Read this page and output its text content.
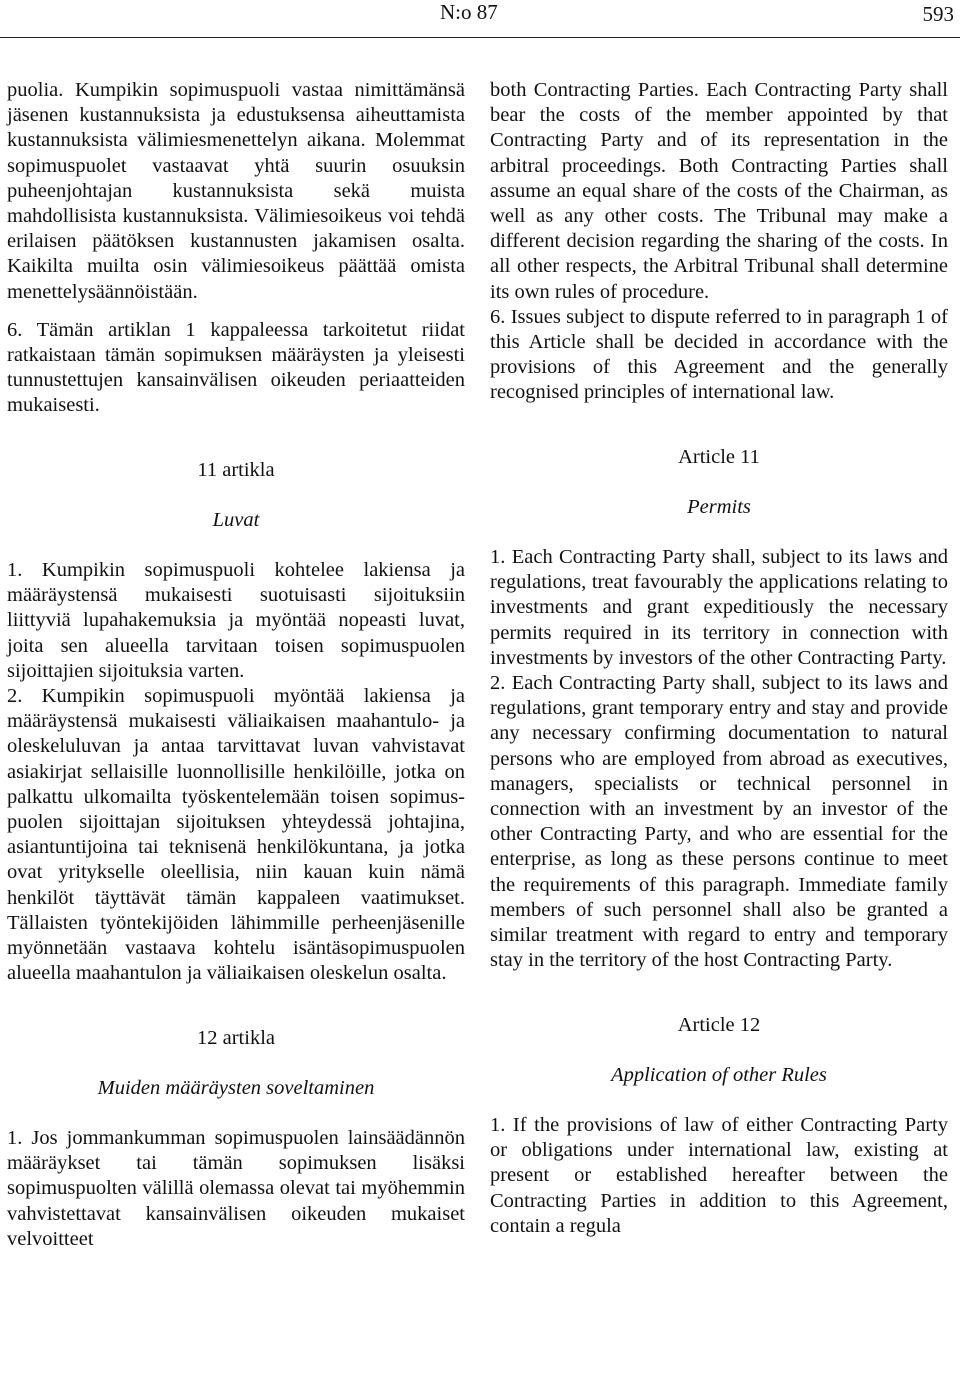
N:o 87	593

puolia. Kumpikin sopimuspuoli vastaa nimittämänsä jäsenen kustannuksista ja edustuksensa aiheuttamista kustannuksista välimiesmenettelyn aikana. Molemmat sopimuspuolet vastaavat yhtä suurin osuuksin puheenjohtajan kustannuksista sekä muista mahdollisista kustannuksista. Välimiesoikeus voi tehdä erilaisen päätöksen kustannusten jakamisen osalta. Kaikilta muilta osin välimiesoikeus päättää omista menettelysäännöistään.

6. Tämän artiklan 1 kappaleessa tarkoitetut riidat ratkaistaan tämän sopimuksen määräysten ja yleisesti tunnustettujen kansainvälisen oikeuden periaatteiden mukaisesti.

11 artikla
Luvat

1. Kumpikin sopimuspuoli kohtelee lakiensa ja määräystensä mukaisesti suotuisasti sijoituksiin liittyviä lupahakemuksia ja myöntää nopeasti luvat, joita sen alueella tarvitaan toisen sopimuspuolen sijoittajien sijoituksia varten.

2. Kumpikin sopimuspuoli myöntää lakiensa ja määräystensä mukaisesti väliaikaisen maahantulo- ja oleskeluluvan ja antaa tarvittavat luvan vahvistavat asiakirjat sellaisille luonnollisille henkilöille, jotka on palkattu ulkomailta työskentelemään toisen sopimuspuolen sijoittajan sijoituksen yhteydessä johtajina, asiantuntijoina tai teknisenä henkilökuntana, ja jotka ovat yritykselle oleellisia, niin kauan kuin nämä henkilöt täyttävät tämän kappaleen vaatimukset. Tällaisten työntekijöiden lähimmille perheenjäsenille myönnetään vastaava kohtelu isäntäsopimuspuolen alueella maahantulon ja väliaikaisen oleskelun osalta.

12 artikla
Muiden määräysten soveltaminen

1. Jos jommankumman sopimuspuolen lainsäädännön määräykset tai tämän sopimuksen lisäksi sopimuspuolten välillä olemassa olevat tai myöhemmin vahvistettavat kansainvälisen oikeuden mukaiset velvoitteet

both Contracting Parties. Each Contracting Party shall bear the costs of the member appointed by that Contracting Party and of its representation in the arbitral proceedings. Both Contracting Parties shall assume an equal share of the costs of the Chairman, as well as any other costs. The Tribunal may make a different decision regarding the sharing of the costs. In all other respects, the Arbitral Tribunal shall determine its own rules of procedure.

6. Issues subject to dispute referred to in paragraph 1 of this Article shall be decided in accordance with the provisions of this Agreement and the generally recognised principles of international law.

Article 11
Permits

1. Each Contracting Party shall, subject to its laws and regulations, treat favourably the applications relating to investments and grant expeditiously the necessary permits required in its territory in connection with investments by investors of the other Contracting Party.

2. Each Contracting Party shall, subject to its laws and regulations, grant temporary entry and stay and provide any necessary confirming documentation to natural persons who are employed from abroad as executives, managers, specialists or technical personnel in connection with an investment by an investor of the other Contracting Party, and who are essential for the enterprise, as long as these persons continue to meet the requirements of this paragraph. Immediate family members of such personnel shall also be granted a similar treatment with regard to entry and temporary stay in the territory of the host Contracting Party.

Article 12
Application of other Rules

1. If the provisions of law of either Contracting Party or obligations under international law, existing at present or established hereafter between the Contracting Parties in addition to this Agreement, contain a regula
